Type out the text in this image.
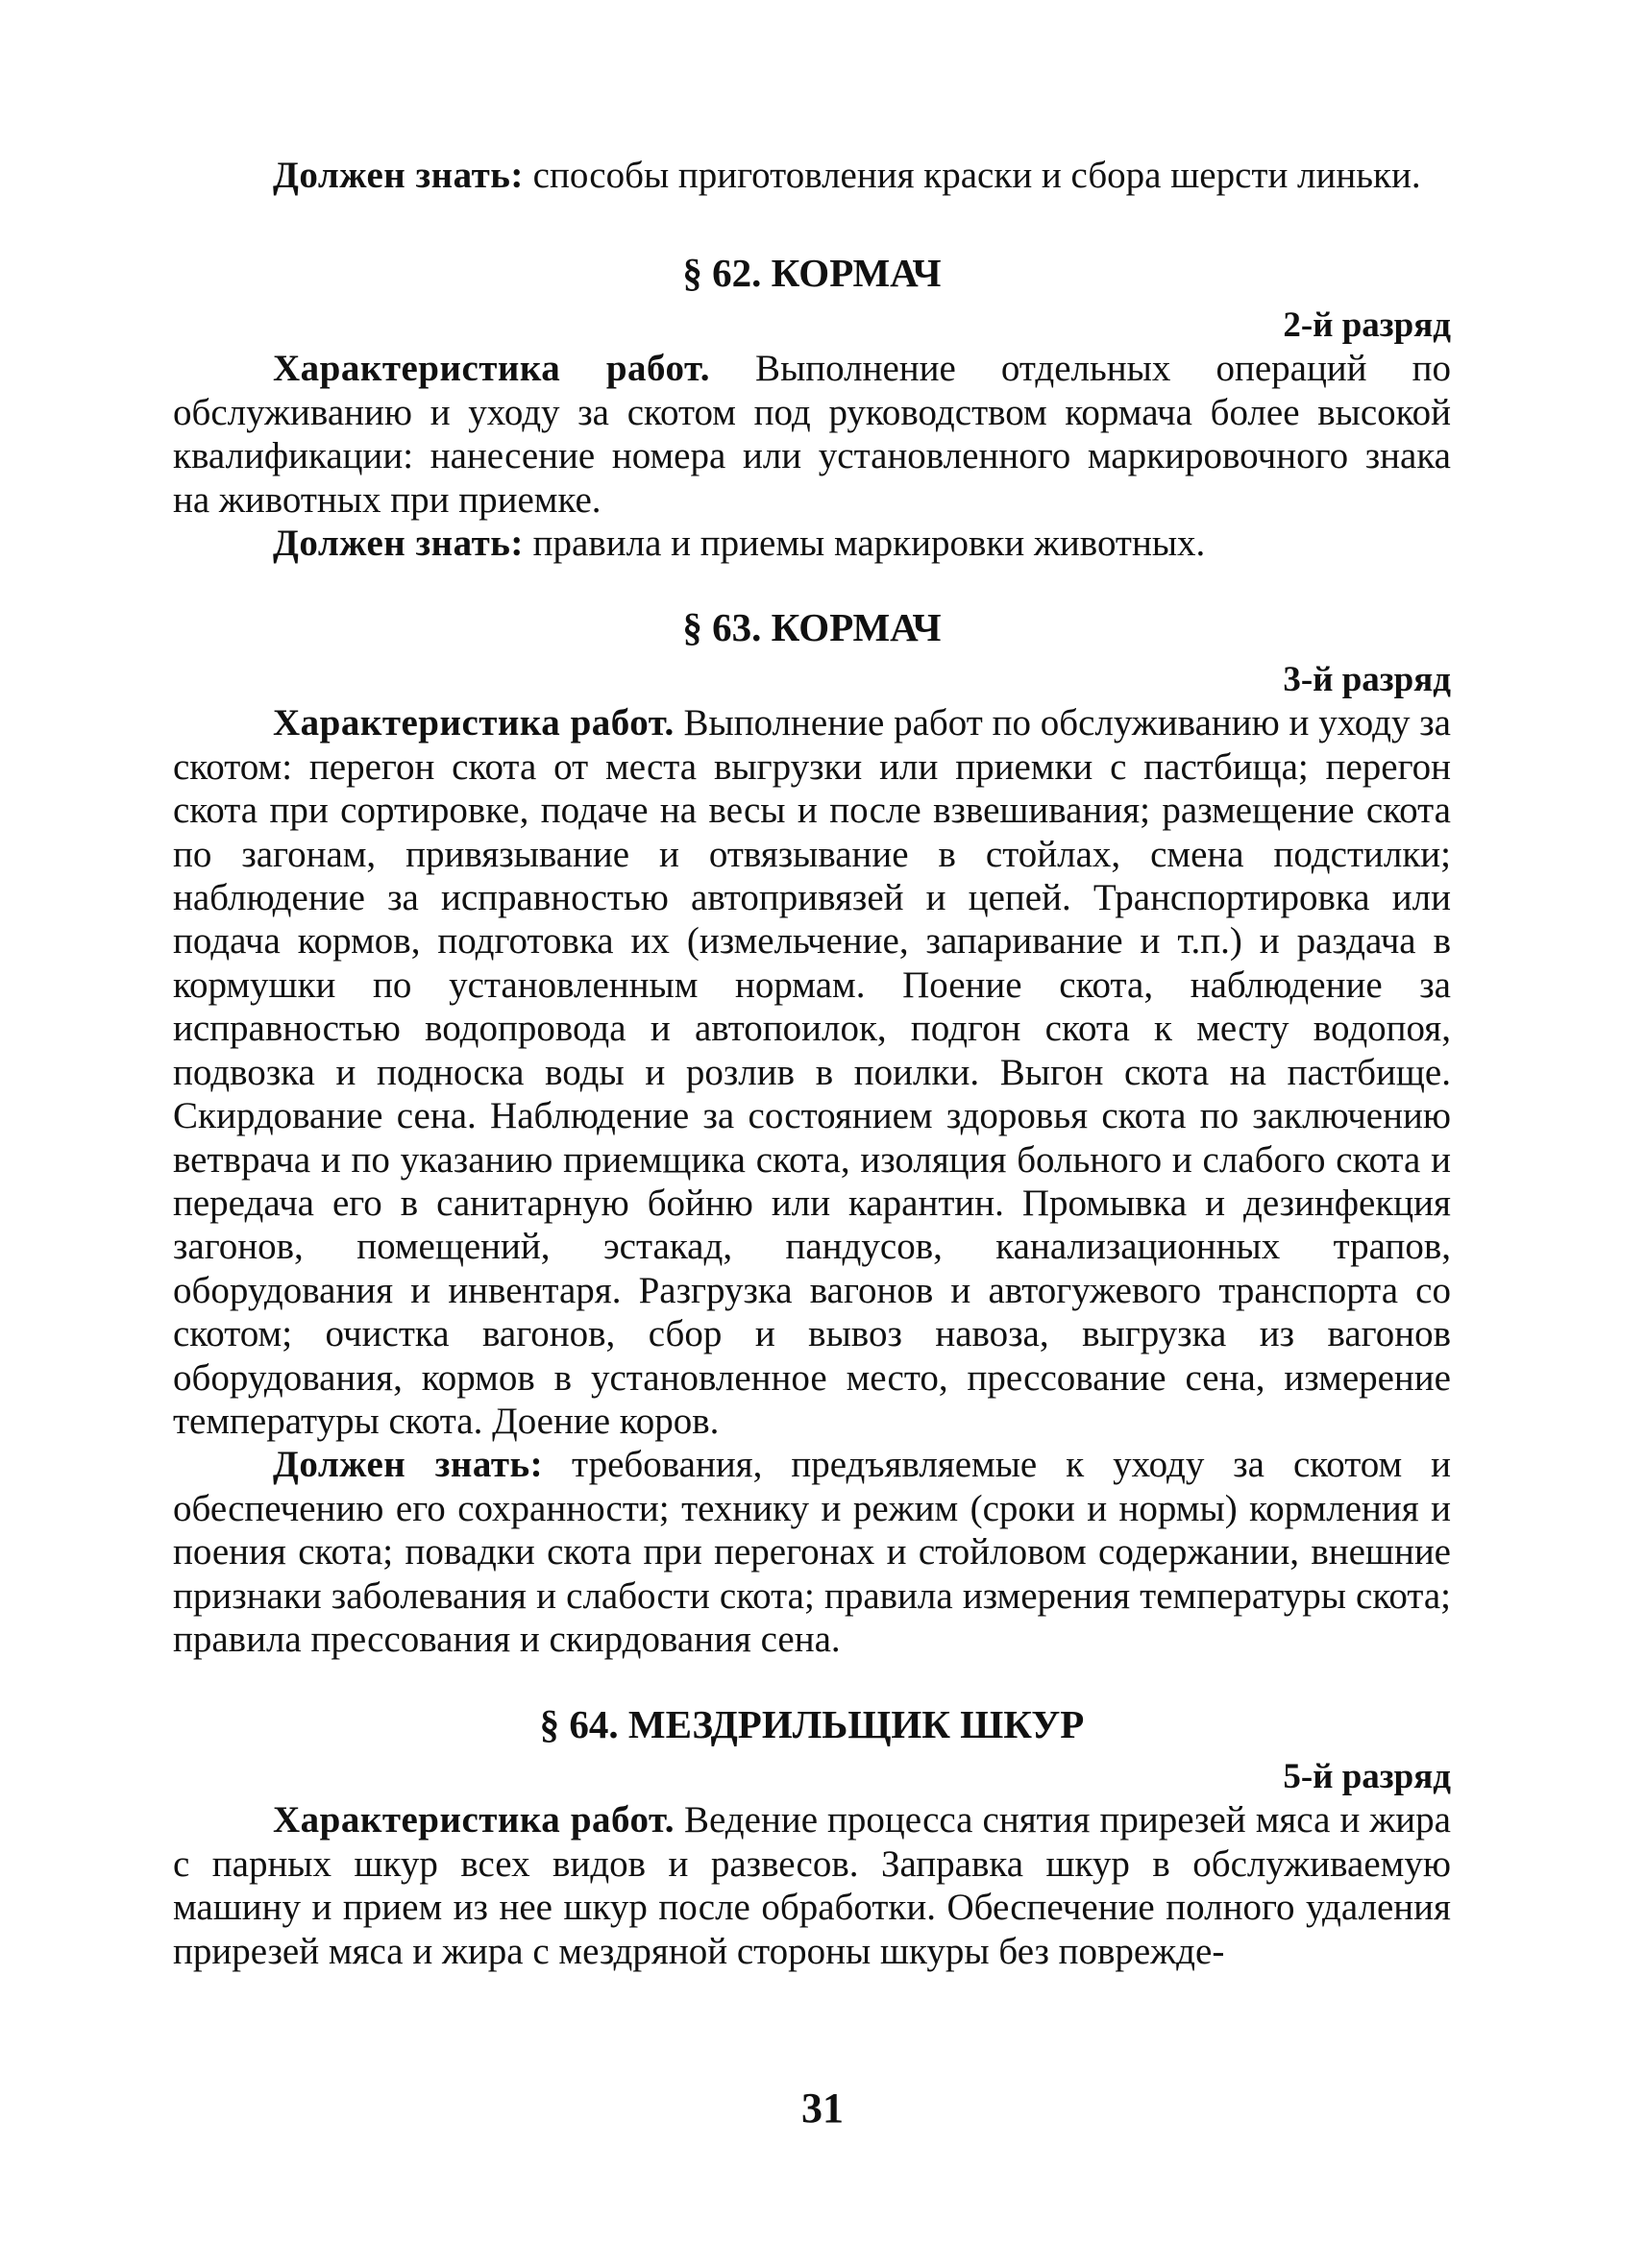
Должен знать: способы приготовления краски и сбора шерсти линьки.

§ 62. КОРМАЧ
2-й разряд

Характеристика работ. Выполнение отдельных операций по обслуживанию и уходу за скотом под руководством кормача более высокой квалификации: нанесение номера или установленного маркировочного знака на животных при приемке.

Должен знать: правила и приемы маркировки животных.

§ 63. КОРМАЧ
3-й разряд

Характеристика работ. Выполнение работ по обслуживанию и уходу за скотом: перегон скота от места выгрузки или приемки с пастбища; перегон скота при сортировке, подаче на весы и после взвешивания; размещение скота по загонам, привязывание и отвязывание в стойлах, смена подстилки; наблюдение за исправностью автопривязей и цепей. Транспортировка или подача кормов, подготовка их (измельчение, запаривание и т.п.) и раздача в кормушки по установленным нормам. Поение скота, наблюдение за исправностью водопровода и автопоилок, подгон скота к месту водопоя, подвозка и подноска воды и розлив в поилки. Выгон скота на пастбище. Скирдование сена. Наблюдение за состоянием здоровья скота по заключению ветврача и по указанию приемщика скота, изоляция больного и слабого скота и передача его в санитарную бойню или карантин. Промывка и дезинфекция загонов, помещений, эстакад, пандусов, канализационных трапов, оборудования и инвентаря. Разгрузка вагонов и автогужевого транспорта со скотом; очистка вагонов, сбор и вывоз навоза, выгрузка из вагонов оборудования, кормов в установленное место, прессование сена, измерение температуры скота. Доение коров.

Должен знать: требования, предъявляемые к уходу за скотом и обеспечению его сохранности; технику и режим (сроки и нормы) кормления и поения скота; повадки скота при перегонах и стойловом содержании, внешние признаки заболевания и слабости скота; правила измерения температуры скота; правила прессования и скирдования сена.

§ 64. МЕЗДРИЛЬЩИК ШКУР
5-й разряд

Характеристика работ. Ведение процесса снятия прирезей мяса и жира с парных шкур всех видов и развесов. Заправка шкур в обслуживаемую машину и прием из нее шкур после обработки. Обеспечение полного удаления прирезей мяса и жира с мездряной стороны шкуры без поврежде-

31
